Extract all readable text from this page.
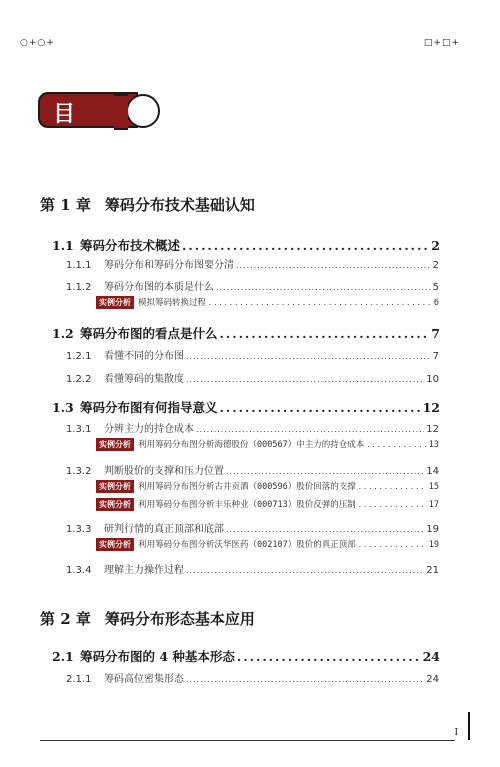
○+○+	□+□+
目 录
第 1 章 筹码分布技术基础认知
第 2 章 筹码分布形态基本应用
1.1 筹码分布技术概述 .....	2
1.1.1	筹码分布和筹码分布图要分清 .....	2
1.1.2	筹码分布图的本质是什么 .....	5
实例分析 模拟筹码转换过程 .....	6
1.2 筹码分布图的看点是什么 .....	7
1.2.1	看懂不同的分布图 .....	7
1.2.2	看懂筹码的集散度 .....	10
1.3 筹码分布图有何指导意义 .....	12
1.3.1	分辨主力的持仓成本 .....	12
实例分析 利用筹码分布图分析海德股份（000567）中主力的持仓成本 .....	13
1.3.2	判断股价的支撑和压力位置 .....	14
实例分析 利用筹码分布图分析古井贡酒（000596）股价回落的支撑 .....	15
实例分析 利用筹码分布图分析丰乐种业（000713）股价反弹的压制 .....	17
1.3.3	研判行情的真正顶部和底部 .....	19
实例分析 利用筹码分布图分析沃华医药（002107）股价的真正顶部 .....	19
1.3.4	理解主力操作过程 .....	21
2.1 筹码分布图的 4 种基本形态 .....	24
2.1.1	筹码高位密集形态 .....	24
I
